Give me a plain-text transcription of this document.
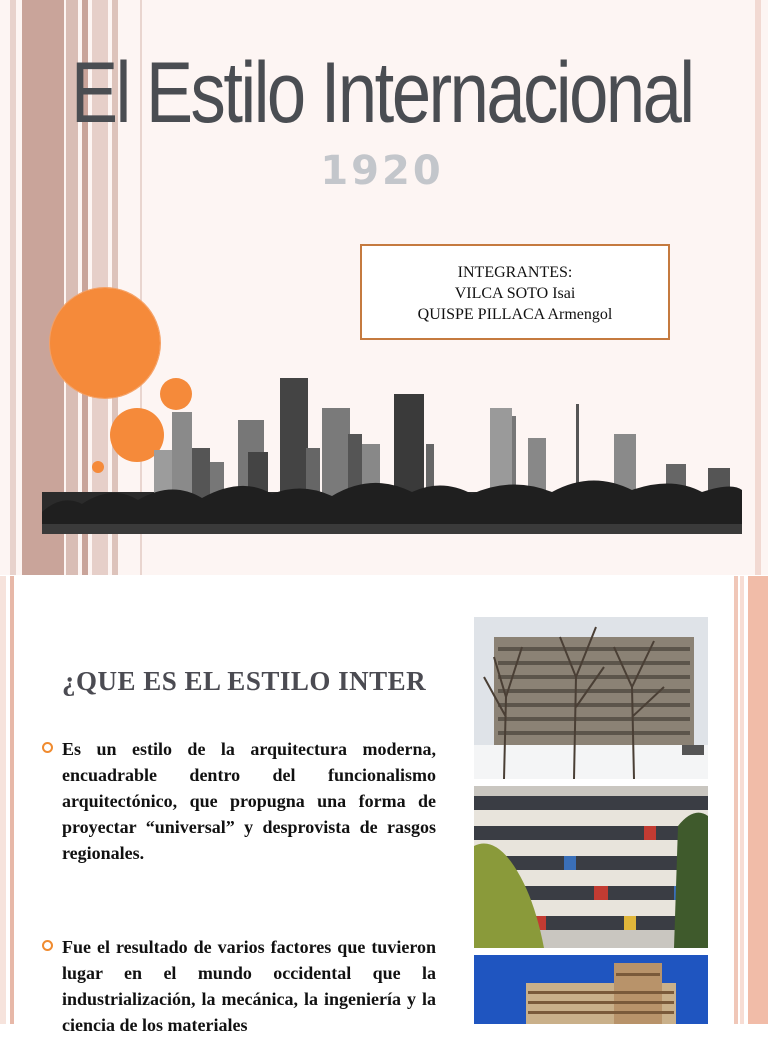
El Estilo Internacional
1920
INTEGRANTES:
VILCA SOTO Isai
QUISPE PILLACA Armengol
¿QUE ES EL ESTILO INTER

Es un estilo de la arquitectura moderna, encuadrable dentro del funcionalismo arquitectónico, que propugna una forma de proyectar “universal” y desprovista de rasgos regionales.

Fue el resultado de varios factores que tuvieron lugar en el mundo occidental que la industrialización, la mecánica, la ingeniería y la ciencia de los materiales
